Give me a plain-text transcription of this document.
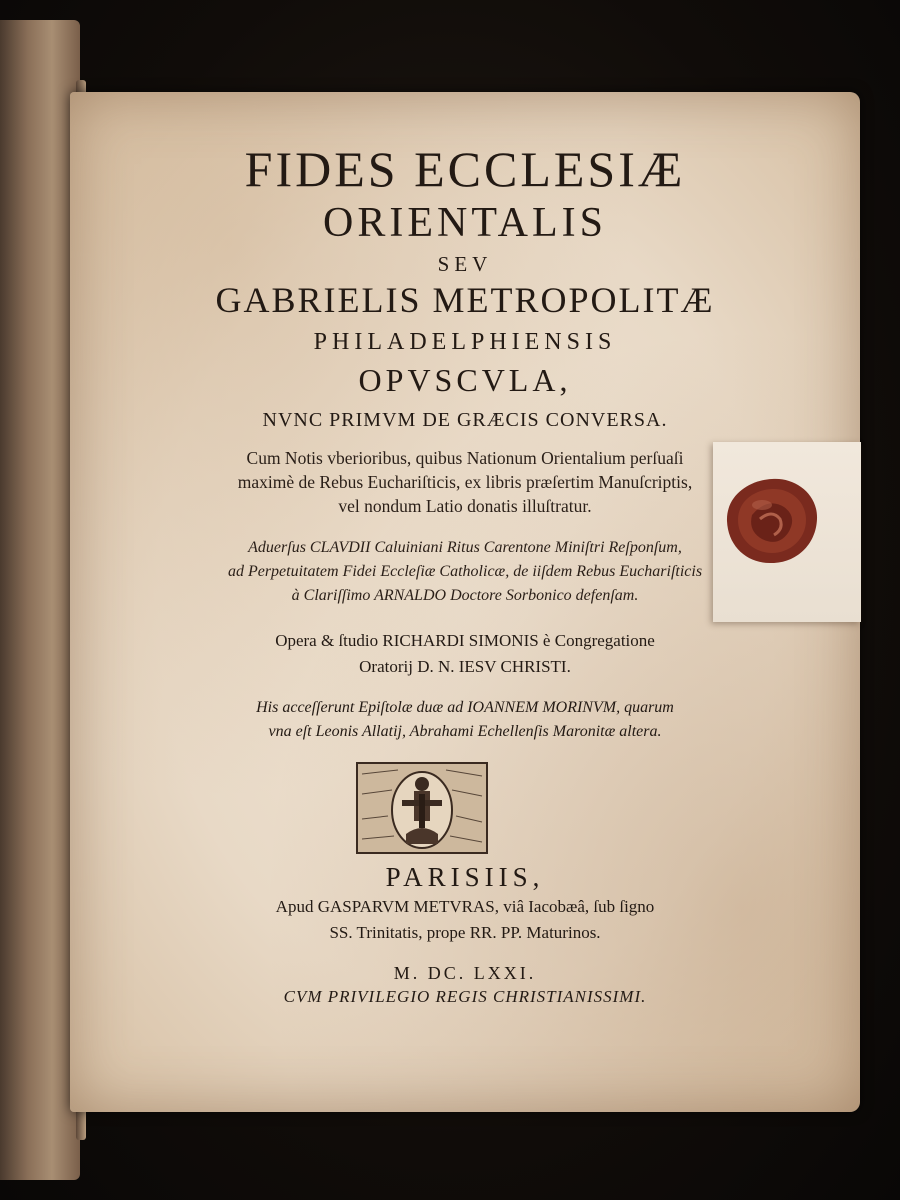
FIDES ECCLESIÆ
ORIENTALIS
SEV
GABRIELIS METROPOLITÆ
PHILADELPHIENSIS
OPVSCVLA,
NVNC PRIMVM DE GRÆCIS CONVERSA.
Cum Notis vberioribus, quibus Nationum Orientalium perſuaſi
maximè de Rebus Euchariſticis, ex libris præſertim Manuſcriptis,
vel nondum Latio donatis illuſtratur.
Aduerſus CLAVDII Caluiniani Ritus Carentone Miniſtri Reſponſum,
ad Perpetuitatem Fidei Eccleſiæ Catholicæ, de iiſdem Rebus Euchariſticis
à Clariſſimo ARNALDO Doctore Sorbonico defenſam.
Opera & ſtudio RICHARDI SIMONIS è Congregatione
Oratorij D. N. IESV CHRISTI.
His acceſſerunt Epiſtolæ duæ ad IOANNEM MORINVM, quarum
vna eſt Leonis Allatij, Abrahami Echellenſis Maronitæ altera.
PARISIIS,
Apud GASPARVM METVRAS, viâ Iacobæâ, ſub ſigno
SS. Trinitatis, prope RR. PP. Maturinos.
M. DC. LXXI.
CVM PRIVILEGIO REGIS CHRISTIANISSIMI.
